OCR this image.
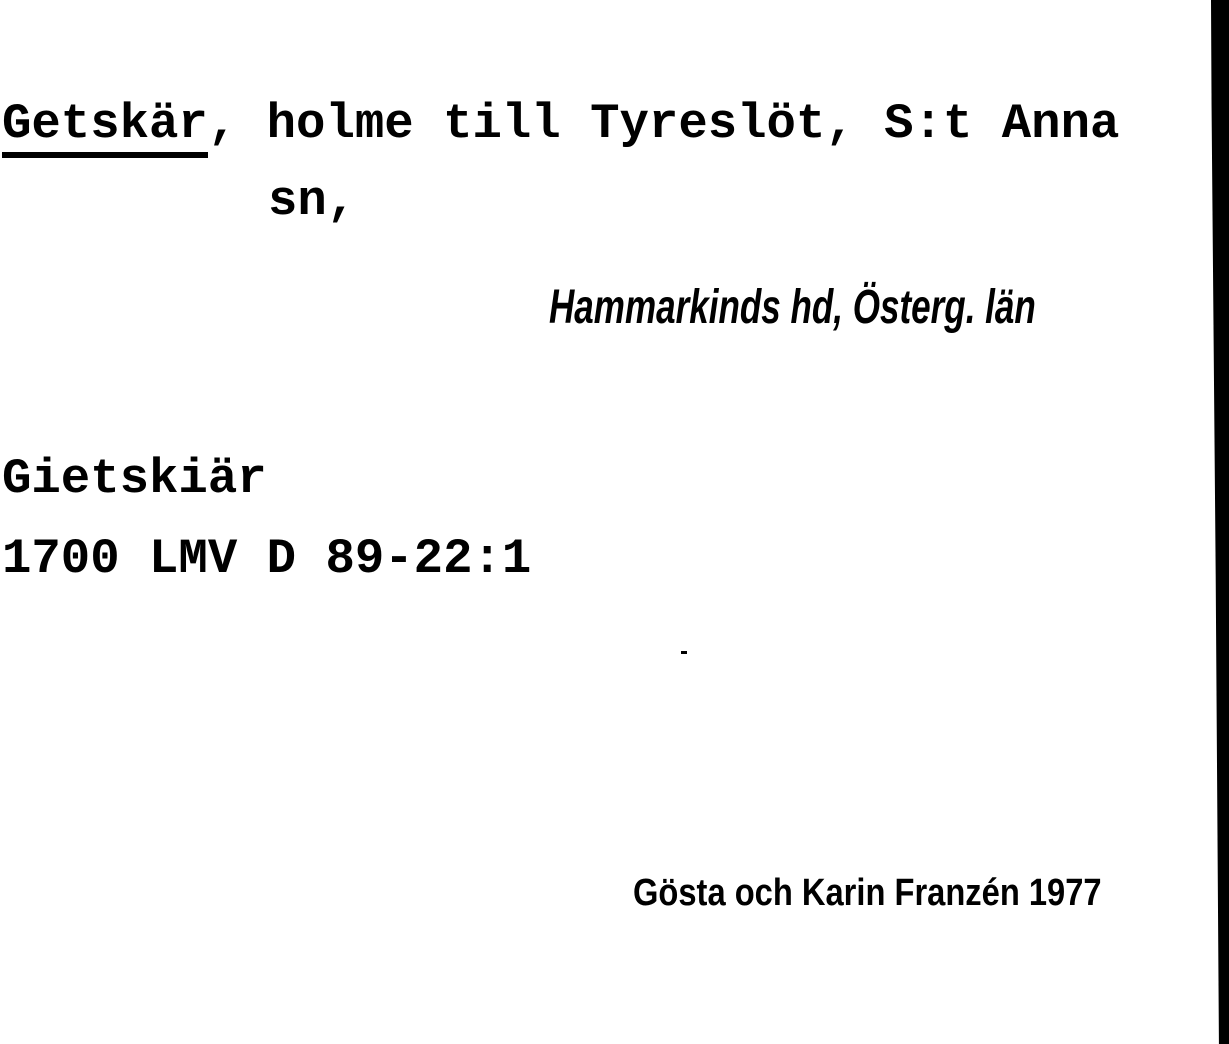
Getskär, holme till Tyreslöt, S:t Anna
sn,
Hammarkinds hd, Österg. län
Gietskiär
1700 LMV D 89-22:1
Gösta och Karin Franzén 1977
